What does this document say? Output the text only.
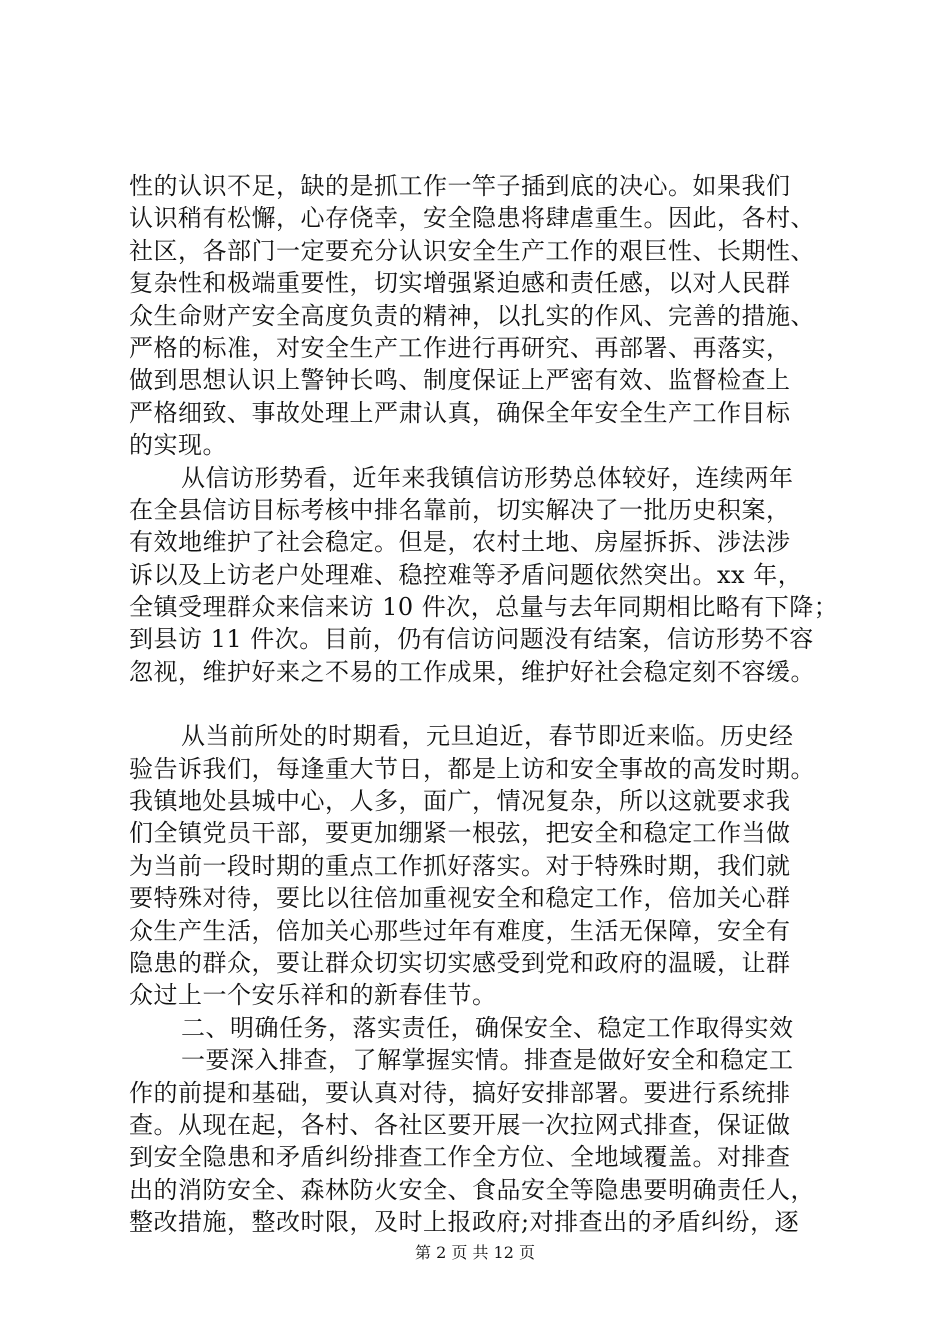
性的认识不足，缺的是抓工作一竿子插到底的决心。如果我们
认识稍有松懈，心存侥幸，安全隐患将肆虐重生。因此，各村、
社区，各部门一定要充分认识安全生产工作的艰巨性、长期性、
复杂性和极端重要性，切实增强紧迫感和责任感，以对人民群
众生命财产安全高度负责的精神，以扎实的作风、完善的措施、
严格的标准，对安全生产工作进行再研究、再部署、再落实，
做到思想认识上警钟长鸣、制度保证上严密有效、监督检查上
严格细致、事故处理上严肃认真，确保全年安全生产工作目标
的实现。
从信访形势看，近年来我镇信访形势总体较好，连续两年
在全县信访目标考核中排名靠前，切实解决了一批历史积案，
有效地维护了社会稳定。但是，农村土地、房屋拆拆、涉法涉
诉以及上访老户处理难、稳控难等矛盾问题依然突出。xx 年，
全镇受理群众来信来访 10 件次，总量与去年同期相比略有下降；
到县访 11 件次。目前，仍有信访问题没有结案，信访形势不容
忽视，维护好来之不易的工作成果，维护好社会稳定刻不容缓。
从当前所处的时期看，元旦迫近，春节即近来临。历史经
验告诉我们，每逢重大节日，都是上访和安全事故的高发时期。
我镇地处县城中心，人多，面广，情况复杂，所以这就要求我
们全镇党员干部，要更加绷紧一根弦，把安全和稳定工作当做
为当前一段时期的重点工作抓好落实。对于特殊时期，我们就
要特殊对待，要比以往倍加重视安全和稳定工作，倍加关心群
众生产生活，倍加关心那些过年有难度，生活无保障，安全有
隐患的群众，要让群众切实切实感受到党和政府的温暖，让群
众过上一个安乐祥和的新春佳节。
二、明确任务，落实责任，确保安全、稳定工作取得实效
一要深入排查，了解掌握实情。排查是做好安全和稳定工
作的前提和基础，要认真对待，搞好安排部署。要进行系统排
查。从现在起，各村、各社区要开展一次拉网式排查，保证做
到安全隐患和矛盾纠纷排查工作全方位、全地域覆盖。对排查
出的消防安全、森林防火安全、食品安全等隐患要明确责任人，
整改措施，整改时限，及时上报政府;对排查出的矛盾纠纷，逐
第 2 页 共 12 页
